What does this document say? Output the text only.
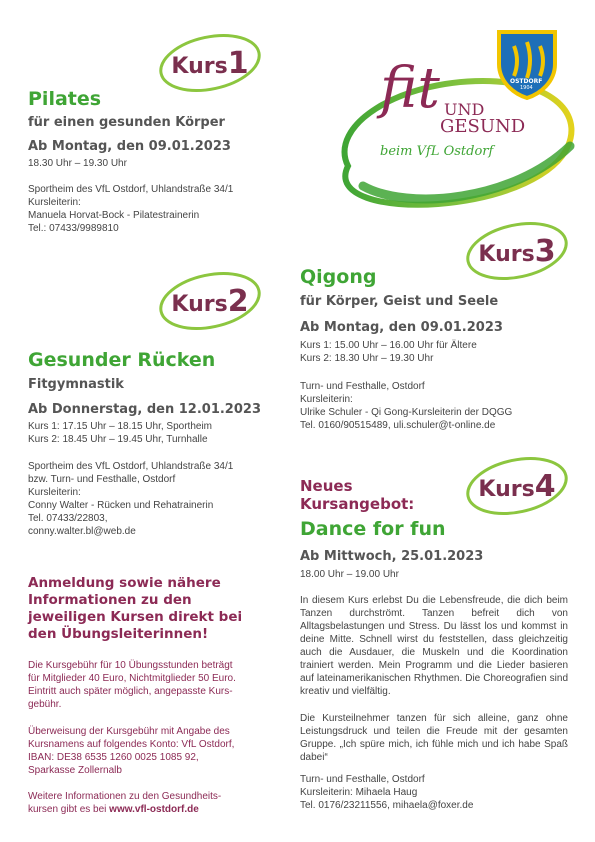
OSTDORF
1904
fit UND
GESUND
beim VfL Ostdorf
Kurs1
Pilates
für einen gesunden Körper
Ab Montag, den 09.01.2023
18.30 Uhr – 19.30 Uhr
Sportheim des VfL Ostdorf, Uhlandstraße 34/1
Kursleiterin:
Manuela Horvat-Bock - Pilatestrainerin
Tel.: 07433/9989810
Kurs2
Gesunder Rücken
Fitgymnastik
Ab Donnerstag, den 12.01.2023
Kurs 1: 17.15 Uhr – 18.15 Uhr, Sportheim
Kurs 2: 18.45 Uhr – 19.45 Uhr, Turnhalle
Sportheim des VfL Ostdorf, Uhlandstraße 34/1
bzw. Turn- und Festhalle, Ostdorf
Kursleiterin:
Conny Walter - Rücken und Rehatrainerin
Tel. 07433/22803,
conny.walter.bl@web.de
Anmeldung sowie nähere
Informationen zu den
jeweiligen Kursen direkt bei
den Übungsleiterinnen!
Die Kursgebühr für 10 Übungsstunden beträgt
für Mitglieder 40 Euro, Nichtmitglieder 50 Euro.
Eintritt auch später möglich, angepasste Kurs-
gebühr.
Überweisung der Kursgebühr mit Angabe des
Kursnamens auf folgendes Konto: VfL Ostdorf,
IBAN: DE38 6535 1260 0025 1085 92,
Sparkasse Zollernalb
Weitere Informationen zu den Gesundheits-
kursen gibt es bei www.vfl-ostdorf.de
Kurs3
Qigong
für Körper, Geist und Seele
Ab Montag, den 09.01.2023
Kurs 1: 15.00 Uhr – 16.00 Uhr für Ältere
Kurs 2: 18.30 Uhr – 19.30 Uhr
Turn- und Festhalle, Ostdorf
Kursleiterin:
Ulrike Schuler - Qi Gong-Kursleiterin der DQGG
Tel. 0160/90515489, uli.schuler@t-online.de
Kurs4
Neues
Kursangebot:
Dance for fun
Ab Mittwoch, 25.01.2023
18.00 Uhr – 19.00 Uhr
In diesem Kurs erlebst Du die Lebensfreude, die dich beim Tanzen durchströmt. Tanzen befreit dich von Alltagsbelastungen und Stress. Du lässt los und kommst in deine Mitte. Schnell wirst du feststellen, dass gleichzeitig auch die Ausdauer, die Muskeln und die Koordination trainiert werden. Mein Programm und die Lieder basieren auf lateinamerikanischen Rhythmen. Die Choreografien sind kreativ und vielfältig.
Die Kursteilnehmer tanzen für sich alleine, ganz ohne Leistungsdruck und teilen die Freude mit der gesamten Gruppe. „Ich spüre mich, ich fühle mich und ich habe Spaß dabei“
Turn- und Festhalle, Ostdorf
Kursleiterin: Mihaela Haug
Tel. 0176/23211556, mihaela@foxer.de
